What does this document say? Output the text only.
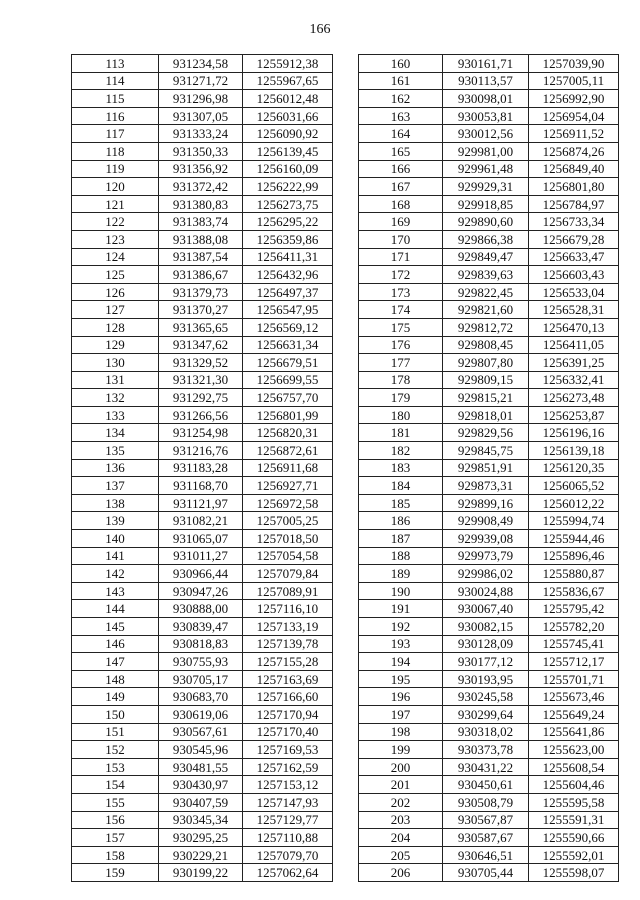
166
113	931234,58	1255912,38
114	931271,72	1255967,65
115	931296,98	1256012,48
116	931307,05	1256031,66
117	931333,24	1256090,92
118	931350,33	1256139,45
119	931356,92	1256160,09
120	931372,42	1256222,99
121	931380,83	1256273,75
122	931383,74	1256295,22
123	931388,08	1256359,86
124	931387,54	1256411,31
125	931386,67	1256432,96
126	931379,73	1256497,37
127	931370,27	1256547,95
128	931365,65	1256569,12
129	931347,62	1256631,34
130	931329,52	1256679,51
131	931321,30	1256699,55
132	931292,75	1256757,70
133	931266,56	1256801,99
134	931254,98	1256820,31
135	931216,76	1256872,61
136	931183,28	1256911,68
137	931168,70	1256927,71
138	931121,97	1256972,58
139	931082,21	1257005,25
140	931065,07	1257018,50
141	931011,27	1257054,58
142	930966,44	1257079,84
143	930947,26	1257089,91
144	930888,00	1257116,10
145	930839,47	1257133,19
146	930818,83	1257139,78
147	930755,93	1257155,28
148	930705,17	1257163,69
149	930683,70	1257166,60
150	930619,06	1257170,94
151	930567,61	1257170,40
152	930545,96	1257169,53
153	930481,55	1257162,59
154	930430,97	1257153,12
155	930407,59	1257147,93
156	930345,34	1257129,77
157	930295,25	1257110,88
158	930229,21	1257079,70
159	930199,22	1257062,64
160	930161,71	1257039,90
161	930113,57	1257005,11
162	930098,01	1256992,90
163	930053,81	1256954,04
164	930012,56	1256911,52
165	929981,00	1256874,26
166	929961,48	1256849,40
167	929929,31	1256801,80
168	929918,85	1256784,97
169	929890,60	1256733,34
170	929866,38	1256679,28
171	929849,47	1256633,47
172	929839,63	1256603,43
173	929822,45	1256533,04
174	929821,60	1256528,31
175	929812,72	1256470,13
176	929808,45	1256411,05
177	929807,80	1256391,25
178	929809,15	1256332,41
179	929815,21	1256273,48
180	929818,01	1256253,87
181	929829,56	1256196,16
182	929845,75	1256139,18
183	929851,91	1256120,35
184	929873,31	1256065,52
185	929899,16	1256012,22
186	929908,49	1255994,74
187	929939,08	1255944,46
188	929973,79	1255896,46
189	929986,02	1255880,87
190	930024,88	1255836,67
191	930067,40	1255795,42
192	930082,15	1255782,20
193	930128,09	1255745,41
194	930177,12	1255712,17
195	930193,95	1255701,71
196	930245,58	1255673,46
197	930299,64	1255649,24
198	930318,02	1255641,86
199	930373,78	1255623,00
200	930431,22	1255608,54
201	930450,61	1255604,46
202	930508,79	1255595,58
203	930567,87	1255591,31
204	930587,67	1255590,66
205	930646,51	1255592,01
206	930705,44	1255598,07
